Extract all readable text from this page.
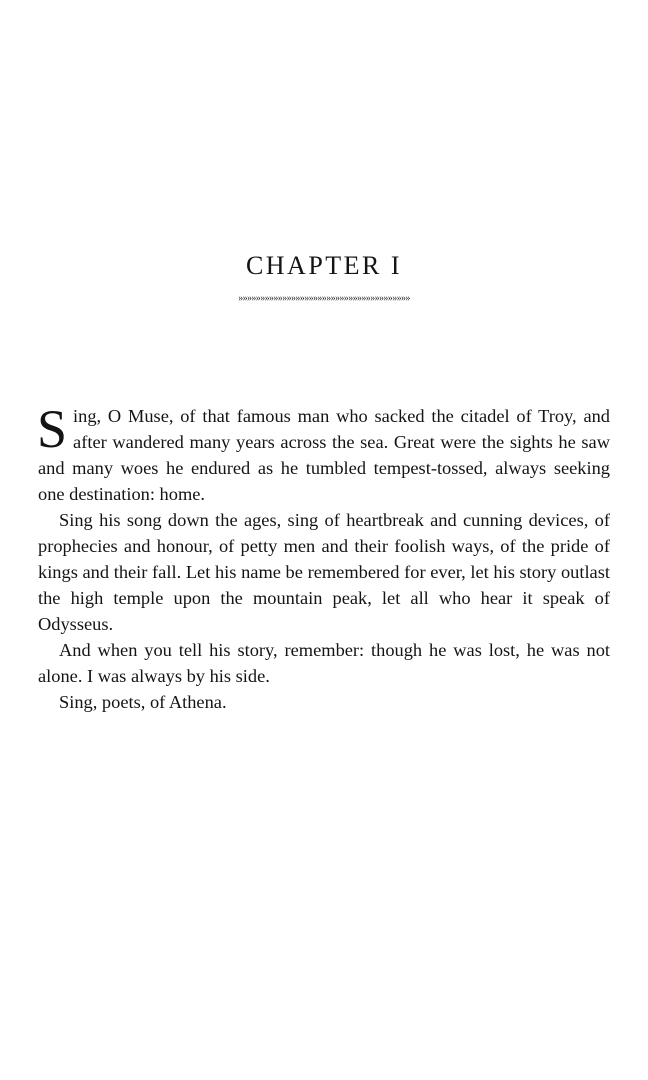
CHAPTER I
»»»»»»»»»»»»»»»»»»»»»»»»»»»»»»»»»»»»»»»

Sing, O Muse, of that famous man who sacked the citadel of Troy, and after wandered many years across the sea. Great were the sights he saw and many woes he endured as he tumbled tempest-tossed, always seeking one destination: home.

Sing his song down the ages, sing of heartbreak and cunning devices, of prophecies and honour, of petty men and their foolish ways, of the pride of kings and their fall. Let his name be remembered for ever, let his story outlast the high temple upon the mountain peak, let all who hear it speak of Odysseus.

And when you tell his story, remember: though he was lost, he was not alone. I was always by his side.

Sing, poets, of Athena.
